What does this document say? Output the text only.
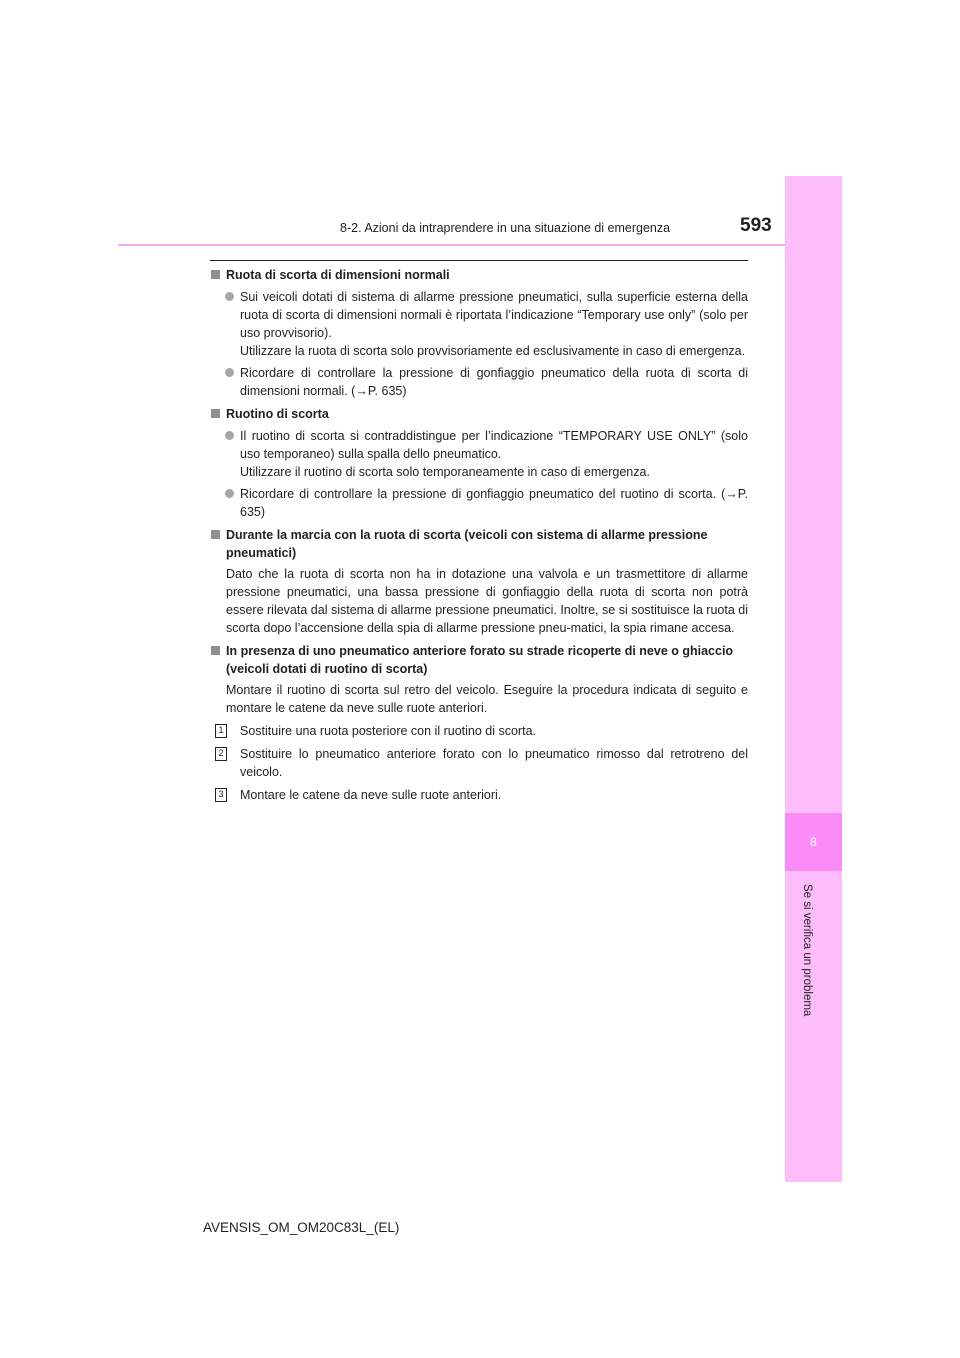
8-2. Azioni da intraprendere in una situazione di emergenza	593
8
Se si verifica un problema
Ruota di scorta di dimensioni normali
Sui veicoli dotati di sistema di allarme pressione pneumatici, sulla superficie esterna della ruota di scorta di dimensioni normali è riportata l’indicazione “Temporary use only” (solo per uso provvisorio).
Utilizzare la ruota di scorta solo provvisoriamente ed esclusivamente in caso di emergenza.
Ricordare di controllare la pressione di gonfiaggio pneumatico della ruota di scorta di dimensioni normali. (→P. 635)
Ruotino di scorta
Il ruotino di scorta si contraddistingue per l’indicazione “TEMPORARY USE ONLY” (solo uso temporaneo) sulla spalla dello pneumatico.
Utilizzare il ruotino di scorta solo temporaneamente in caso di emergenza.
Ricordare di controllare la pressione di gonfiaggio pneumatico del ruotino di scorta. (→P. 635)
Durante la marcia con la ruota di scorta (veicoli con sistema di allarme pressione pneumatici)
Dato che la ruota di scorta non ha in dotazione una valvola e un trasmettitore di allarme pressione pneumatici, una bassa pressione di gonfiaggio della ruota di scorta non potrà essere rilevata dal sistema di allarme pressione pneumatici. Inoltre, se si sostituisce la ruota di scorta dopo l’accensione della spia di allarme pressione pneu-matici, la spia rimane accesa.
In presenza di uno pneumatico anteriore forato su strade ricoperte di neve o ghiaccio (veicoli dotati di ruotino di scorta)
Montare il ruotino di scorta sul retro del veicolo. Eseguire la procedura indicata di seguito e montare le catene da neve sulle ruote anteriori.
1 Sostituire una ruota posteriore con il ruotino di scorta.
2 Sostituire lo pneumatico anteriore forato con lo pneumatico rimosso dal retrotreno del veicolo.
3 Montare le catene da neve sulle ruote anteriori.
AVENSIS_OM_OM20C83L_(EL)
